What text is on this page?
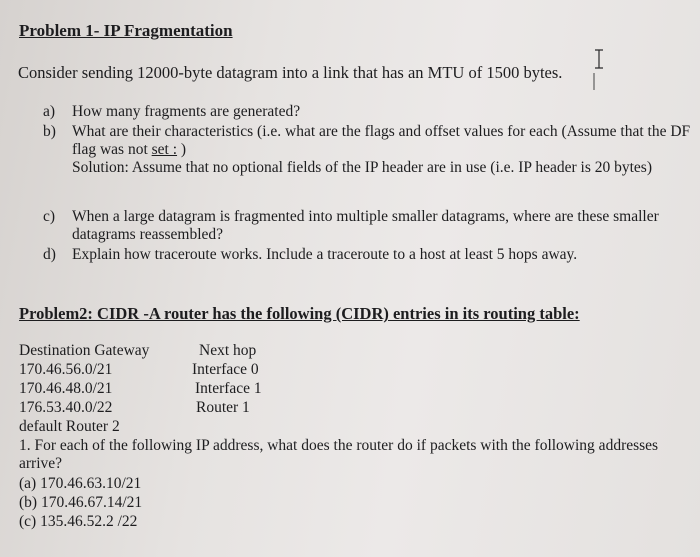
Problem 1- IP Fragmentation
Consider sending 12000-byte datagram into a link that has an MTU of 1500 bytes.
a) How many fragments are generated?
b) What are their characteristics (i.e. what are the flags and offset values for each (Assume that the DF flag was not set : )
Solution: Assume that no optional fields of the IP header are in use (i.e. IP header is 20 bytes)
c) When a large datagram is fragmented into multiple smaller datagrams, where are these smaller datagrams reassembled?
d) Explain how traceroute works. Include a traceroute to a host at least 5 hops away.
Problem2: CIDR -A router has the following (CIDR) entries in its routing table:
Destination Gateway	Next hop
170.46.56.0/21	Interface 0
170.46.48.0/21	Interface 1
176.53.40.0/22	Router 1
default Router 2
1. For each of the following IP address, what does the router do if packets with the following addresses arrive?
(a) 170.46.63.10/21
(b) 170.46.67.14/21
(c) 135.46.52.2 /22
